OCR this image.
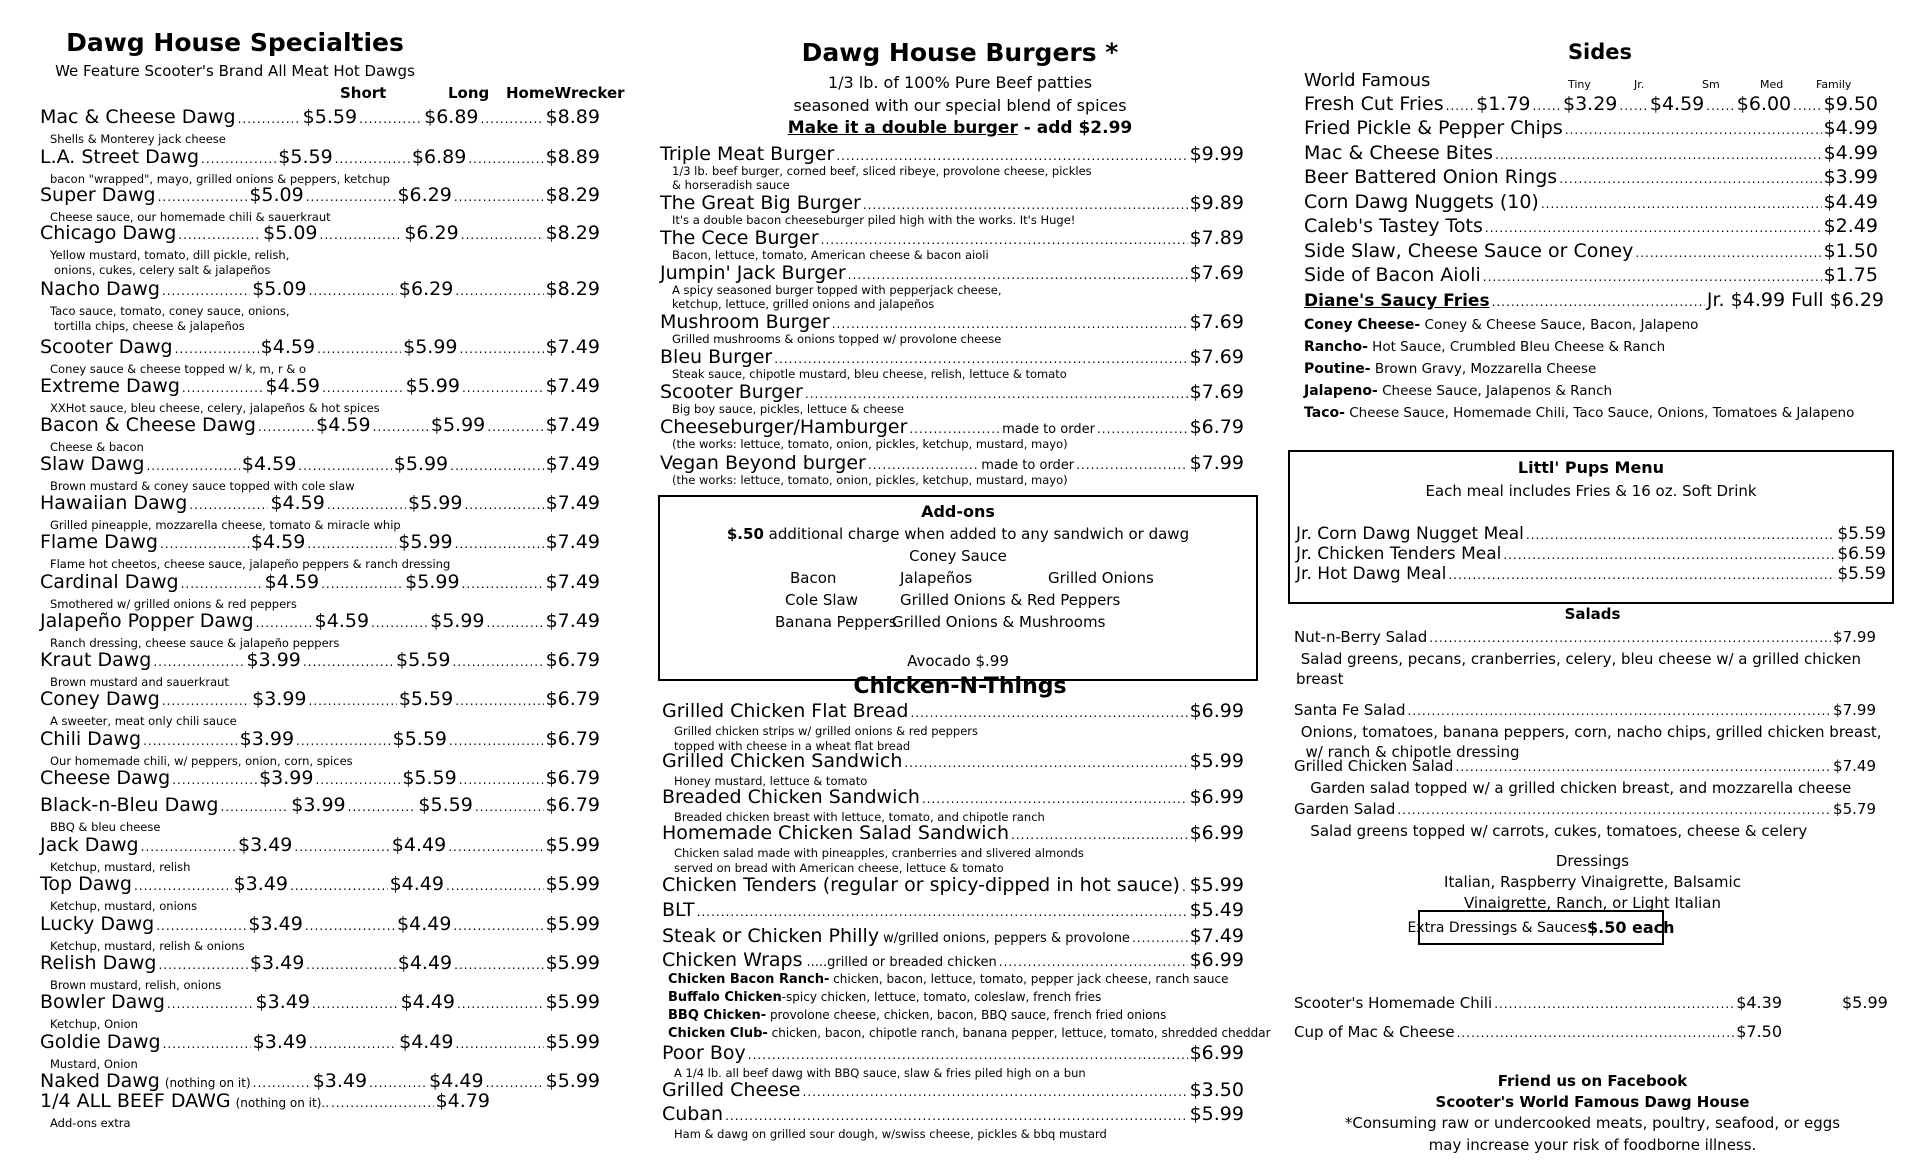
Dawg House Specialties
We Feature Scooter's Brand All Meat Hot Dawgs
Short	Long HomeWrecker
Mac & Cheese Dawg .....	$5.59 .....	$6.89 .....	$8.89
Shells & Monterey jack cheese
L.A. Street Dawg .....	$5.59 .....	$6.89 .....	$8.89
bacon "wrapped", mayo, grilled onions & peppers, ketchup
Super Dawg .....	$5.09 .....	$6.29 .....	$8.29
Cheese sauce, our homemade chili & sauerkraut
Chicago Dawg .....	$5.09 .....	$6.29 .....	$8.29
Yellow mustard, tomato, dill pickle, relish,
onions, cukes, celery salt & jalapeños
Nacho Dawg .....	$5.09 .....	$6.29 .....	$8.29
Taco sauce, tomato, coney sauce, onions,
tortilla chips, cheese & jalapeños
Scooter Dawg .....	$4.59 .....	$5.99 .....	$7.49
Coney sauce & cheese topped w/ k, m, r & o
Extreme Dawg .....	$4.59 .....	$5.99 .....	$7.49
XXHot sauce, bleu cheese, celery, jalapeños & hot spices
Bacon & Cheese Dawg .....	$4.59 .....	$5.99 .....	$7.49
Cheese & bacon
Slaw Dawg .....	$4.59 .....	$5.99 .....	$7.49
Brown mustard & coney sauce topped with cole slaw
Hawaiian Dawg .....	$4.59 .....	$5.99 .....	$7.49
Grilled pineapple, mozzarella cheese, tomato & miracle whip
Flame Dawg .....	$4.59 .....	$5.99 .....	$7.49
Flame hot cheetos, cheese sauce, jalapeño peppers & ranch dressing
Cardinal Dawg .....	$4.59 .....	$5.99 .....	$7.49
Smothered w/ grilled onions & red peppers
Jalapeño Popper Dawg .....	$4.59 .....	$5.99 .....	$7.49
Ranch dressing, cheese sauce & jalapeño peppers
Kraut Dawg .....	$3.99 .....	$5.59 .....	$6.79
Brown mustard and sauerkraut
Coney Dawg .....	$3.99 .....	$5.59 .....	$6.79
A sweeter, meat only chili sauce
Chili Dawg .....	$3.99 .....	$5.59 .....	$6.79
Our homemade chili, w/ peppers, onion, corn, spices
Cheese Dawg .....	$3.99 .....	$5.59 .....	$6.79
Black-n-Bleu Dawg .....	$3.99 .....	$5.59 .....	$6.79
BBQ & bleu cheese
Jack Dawg .....	$3.49 .....	$4.49 .....	$5.99
Ketchup, mustard, relish
Top Dawg .....	$3.49 .....	$4.49 .....	$5.99
Ketchup, mustard, onions
Lucky Dawg .....	$3.49 .....	$4.49 .....	$5.99
Ketchup, mustard, relish & onions
Relish Dawg .....	$3.49 .....	$4.49 .....	$5.99
Brown mustard, relish, onions
Bowler Dawg .....	$3.49 .....	$4.49 .....	$5.99
Ketchup, Onion
Goldie Dawg .....	$3.49 .....	$4.49 .....	$5.99
Mustard, Onion
Naked Dawg (nothing on it) .....	$3.49 .....	$4.49 .....	$5.99
1/4 ALL BEEF DAWG (nothing on it).. .....	$4.79
Add-ons extra
Dawg House Burgers *
1/3 lb. of 100% Pure Beef patties
seasoned with our special blend of spices
Make it a double burger - add $2.99
Triple Meat Burger .....	$9.99
1/3 lb. beef burger, corned beef, sliced ribeye, provolone cheese, pickles
& horseradish sauce
The Great Big Burger .....	$9.89
It's a double bacon cheeseburger piled high with the works. It's Huge!
The Cece Burger .....	$7.89
Bacon, lettuce, tomato, American cheese & bacon aioli
Jumpin' Jack Burger .....	$7.69
A spicy seasoned burger topped with pepperjack cheese,
ketchup, lettuce, grilled onions and jalapeños
Mushroom Burger .....	$7.69
Grilled mushrooms & onions topped w/ provolone cheese
Bleu Burger .....	$7.69
Steak sauce, chipotle mustard, bleu cheese, relish, lettuce & tomato
Scooter Burger .....	$7.69
Big boy sauce, pickles, lettuce & cheese
Cheeseburger/Hamburger .....	made to order .....	$6.79
(the works: lettuce, tomato, onion, pickles, ketchup, mustard, mayo)
Vegan Beyond burger .....	made to order .....	$7.99
(the works: lettuce, tomato, onion, pickles, ketchup, mustard, mayo)
Add-ons
$.50 additional charge when added to any sandwich or dawg
Coney Sauce
Bacon	Jalapeños	Grilled Onions
Cole Slaw	Grilled Onions & Red Peppers
Banana Peppers
Grilled Onions & Mushrooms
Avocado $.99
Chicken-N-Things
Grilled Chicken Flat Bread .....	$6.99
Grilled chicken strips w/ grilled onions & red peppers
topped with cheese in a wheat flat bread
Grilled Chicken Sandwich .....	$5.99
Honey mustard, lettuce & tomato
Breaded Chicken Sandwich .....	$6.99
Breaded chicken breast with lettuce, tomato, and chipotle ranch
Homemade Chicken Salad Sandwich .....	$6.99
Chicken salad made with pineapples, cranberries and slivered almonds
served on bread with American cheese, lettuce & tomato
Chicken Tenders (regular or spicy-dipped in hot sauce) ..... $5.99
BLT .....	$5.49
Steak or Chicken Philly w/grilled onions, peppers & provolone .....	$7.49
Chicken Wraps .....grilled or breaded chicken .....	$6.99
Chicken Bacon Ranch- chicken, bacon, lettuce, tomato, pepper jack cheese, ranch sauce
Buffalo Chicken-spicy chicken, lettuce, tomato, coleslaw, french fries
BBQ Chicken- provolone cheese, chicken, bacon, BBQ sauce, french fried onions
Chicken Club- chicken, bacon, chipotle ranch, banana pepper, lettuce, tomato, shredded cheddar
Poor Boy .....	$6.99
A 1/4 lb. all beef dawg with BBQ sauce, slaw & fries piled high on a bun
Grilled Cheese .....	$3.50
Cuban .....	$5.99
Ham & dawg on grilled sour dough, w/swiss cheese, pickles & bbq mustard
Sides
World Famous	Tiny	Jr.	Sm	Med	Family
Fresh Cut Fries ..... $1.79 ..... $3.29 ..... $4.59 ..... $6.00 ..... $9.50
Fried Pickle & Pepper Chips .....	$4.99
Mac & Cheese Bites .....	$4.99
Beer Battered Onion Rings .....	$3.99
Corn Dawg Nuggets (10) .....	$4.49
Caleb's Tastey Tots .....	$2.49
Side Slaw, Cheese Sauce or Coney .....	$1.50
Side of Bacon Aioli .....	$1.75
Diane's Saucy Fries .....	Jr. $4.99 Full $6.29
Coney Cheese- Coney & Cheese Sauce, Bacon, Jalapeno
Rancho- Hot Sauce, Crumbled Bleu Cheese & Ranch
Poutine- Brown Gravy, Mozzarella Cheese
Jalapeno- Cheese Sauce, Jalapenos & Ranch
Taco- Cheese Sauce, Homemade Chili, Taco Sauce, Onions, Tomatoes & Jalapeno
Littl' Pups Menu
Each meal includes Fries & 16 oz. Soft Drink
Jr. Corn Dawg Nugget Meal .....	$5.59
Jr. Chicken Tenders Meal .....	$6.59
Jr. Hot Dawg Meal .....	$5.59
Salads
Nut-n-Berry Salad .....	$7.99
Salad greens, pecans, cranberries, celery, bleu cheese w/ a grilled chicken
breast
Santa Fe Salad .....	$7.99
Onions, tomatoes, banana peppers, corn, nacho chips, grilled chicken breast,
w/ ranch & chipotle dressing
Grilled Chicken Salad .....	$7.49
Garden salad topped w/ a grilled chicken breast, and mozzarella cheese
Garden Salad .....	$5.79
Salad greens topped w/ carrots, cukes, tomatoes, cheese & celery
Dressings
Italian, Raspberry Vinaigrette, Balsamic
Vinaigrette, Ranch, or Light Italian
Extra Dressings & Sauces $.50 each
Scooter's Homemade Chili .....	$4.39	$5.99
Cup of Mac & Cheese .....	$7.50
Friend us on Facebook
Scooter's World Famous Dawg House
*Consuming raw or undercooked meats, poultry, seafood, or eggs
may increase your risk of foodborne illness.
